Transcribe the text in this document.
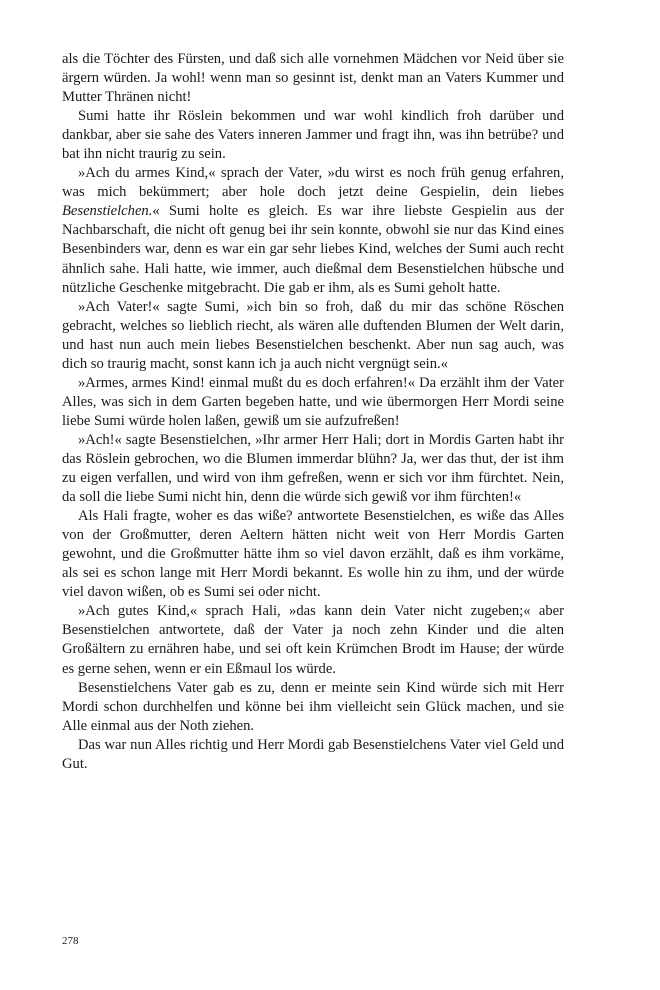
als die Töchter des Fürsten, und daß sich alle vornehmen Mädchen vor Neid über sie ärgern würden. Ja wohl! wenn man so gesinnt ist, denkt man an Vaters Kummer und Mutter Thränen nicht!

Sumi hatte ihr Röslein bekommen und war wohl kindlich froh darüber und dankbar, aber sie sahe des Vaters inneren Jammer und fragt ihn, was ihn betrübe? und bat ihn nicht traurig zu sein.

»Ach du armes Kind,« sprach der Vater, »du wirst es noch früh genug erfahren, was mich bekümmert; aber hole doch jetzt deine Gespielin, dein liebes Besenstielchen.« Sumi holte es gleich. Es war ihre liebste Gespielin aus der Nachbarschaft, die nicht oft genug bei ihr sein konnte, obwohl sie nur das Kind eines Besenbinders war, denn es war ein gar sehr liebes Kind, welches der Sumi auch recht ähnlich sahe. Hali hatte, wie immer, auch dießmal dem Besenstielchen hübsche und nützliche Geschenke mitgebracht. Die gab er ihm, als es Sumi geholt hatte.

»Ach Vater!« sagte Sumi, »ich bin so froh, daß du mir das schöne Röschen gebracht, welches so lieblich riecht, als wären alle duftenden Blumen der Welt darin, und hast nun auch mein liebes Besenstielchen beschenkt. Aber nun sag auch, was dich so traurig macht, sonst kann ich ja auch nicht vergnügt sein.«

»Armes, armes Kind! einmal mußt du es doch erfahren!« Da erzählt ihm der Vater Alles, was sich in dem Garten begeben hatte, und wie übermorgen Herr Mordi seine liebe Sumi würde holen laßen, gewiß um sie aufzufreßen!

»Ach!« sagte Besenstielchen, »Ihr armer Herr Hali; dort in Mordis Garten habt ihr das Röslein gebrochen, wo die Blumen immerdar blühn? Ja, wer das thut, der ist ihm zu eigen verfallen, und wird von ihm gefreßen, wenn er sich vor ihm fürchtet. Nein, da soll die liebe Sumi nicht hin, denn die würde sich gewiß vor ihm fürchten!«

Als Hali fragte, woher es das wiße? antwortete Besenstielchen, es wiße das Alles von der Großmutter, deren Aeltern hätten nicht weit von Herr Mordis Garten gewohnt, und die Großmutter hätte ihm so viel davon erzählt, daß es ihm vorkäme, als sei es schon lange mit Herr Mordi bekannt. Es wolle hin zu ihm, und der würde viel davon wißen, ob es Sumi sei oder nicht.

»Ach gutes Kind,« sprach Hali, »das kann dein Vater nicht zugeben;« aber Besenstielchen antwortete, daß der Vater ja noch zehn Kinder und die alten Großältern zu ernähren habe, und sei oft kein Krümchen Brodt im Hause; der würde es gerne sehen, wenn er ein Eßmaul los würde.

Besenstielchens Vater gab es zu, denn er meinte sein Kind würde sich mit Herr Mordi schon durchhelfen und könne bei ihm vielleicht sein Glück machen, und sie Alle einmal aus der Noth ziehen.

Das war nun Alles richtig und Herr Mordi gab Besenstielchens Vater viel Geld und Gut.

278
